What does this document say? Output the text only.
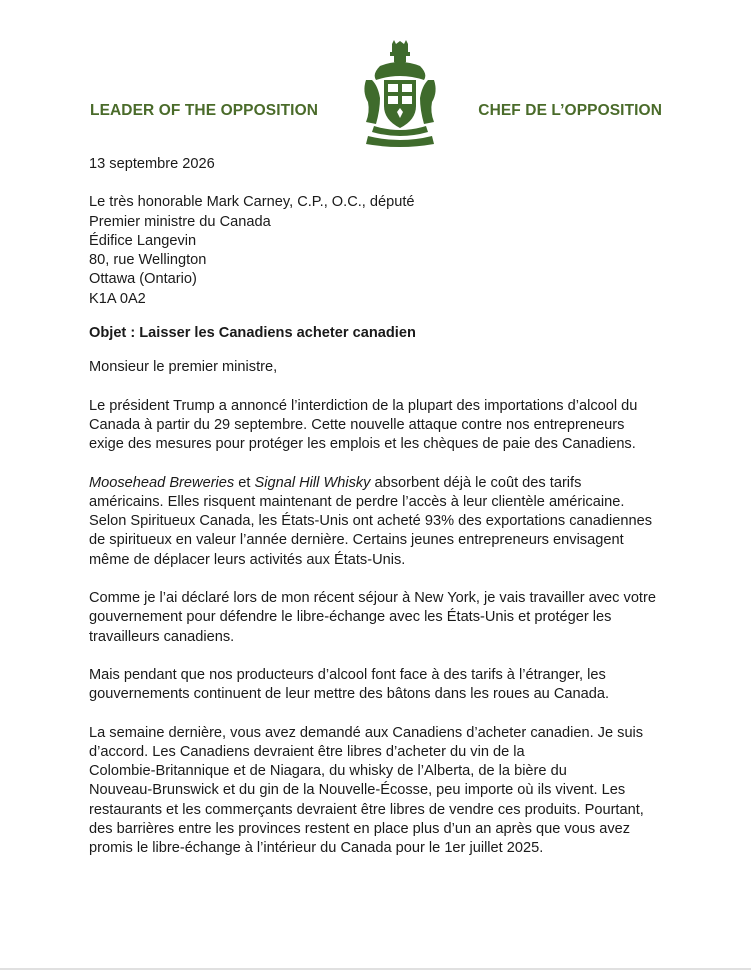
LEADER OF THE OPPOSITION	CHEF DE L’OPPOSITION

13 septembre 2026

Le très honorable Mark Carney, C.P., O.C., député
Premier ministre du Canada
Édifice Langevin
80, rue Wellington
Ottawa (Ontario)
K1A 0A2

Objet : Laisser les Canadiens acheter canadien

Monsieur le premier ministre,

Le président Trump a annoncé l’interdiction de la plupart des importations d’alcool du
Canada à partir du 29 septembre. Cette nouvelle attaque contre nos entrepreneurs
exige des mesures pour protéger les emplois et les chèques de paie des Canadiens.

Moosehead Breweries et Signal Hill Whisky absorbent déjà le coût des tarifs
américains. Elles risquent maintenant de perdre l’accès à leur clientèle américaine.
Selon Spiritueux Canada, les États-Unis ont acheté 93% des exportations canadiennes
de spiritueux en valeur l’année dernière. Certains jeunes entrepreneurs envisagent
même de déplacer leurs activités aux États-Unis.

Comme je l’ai déclaré lors de mon récent séjour à New York, je vais travailler avec votre
gouvernement pour défendre le libre-échange avec les États-Unis et protéger les
travailleurs canadiens.

Mais pendant que nos producteurs d’alcool font face à des tarifs à l’étranger, les
gouvernements continuent de leur mettre des bâtons dans les roues au Canada.

La semaine dernière, vous avez demandé aux Canadiens d’acheter canadien. Je suis
d’accord. Les Canadiens devraient être libres d’acheter du vin de la
Colombie-Britannique et de Niagara, du whisky de l’Alberta, de la bière du
Nouveau-Brunswick et du gin de la Nouvelle-Écosse, peu importe où ils vivent. Les
restaurants et les commerçants devraient être libres de vendre ces produits. Pourtant,
des barrières entre les provinces restent en place plus d’un an après que vous avez
promis le libre-échange à l’intérieur du Canada pour le 1er juillet 2025.
